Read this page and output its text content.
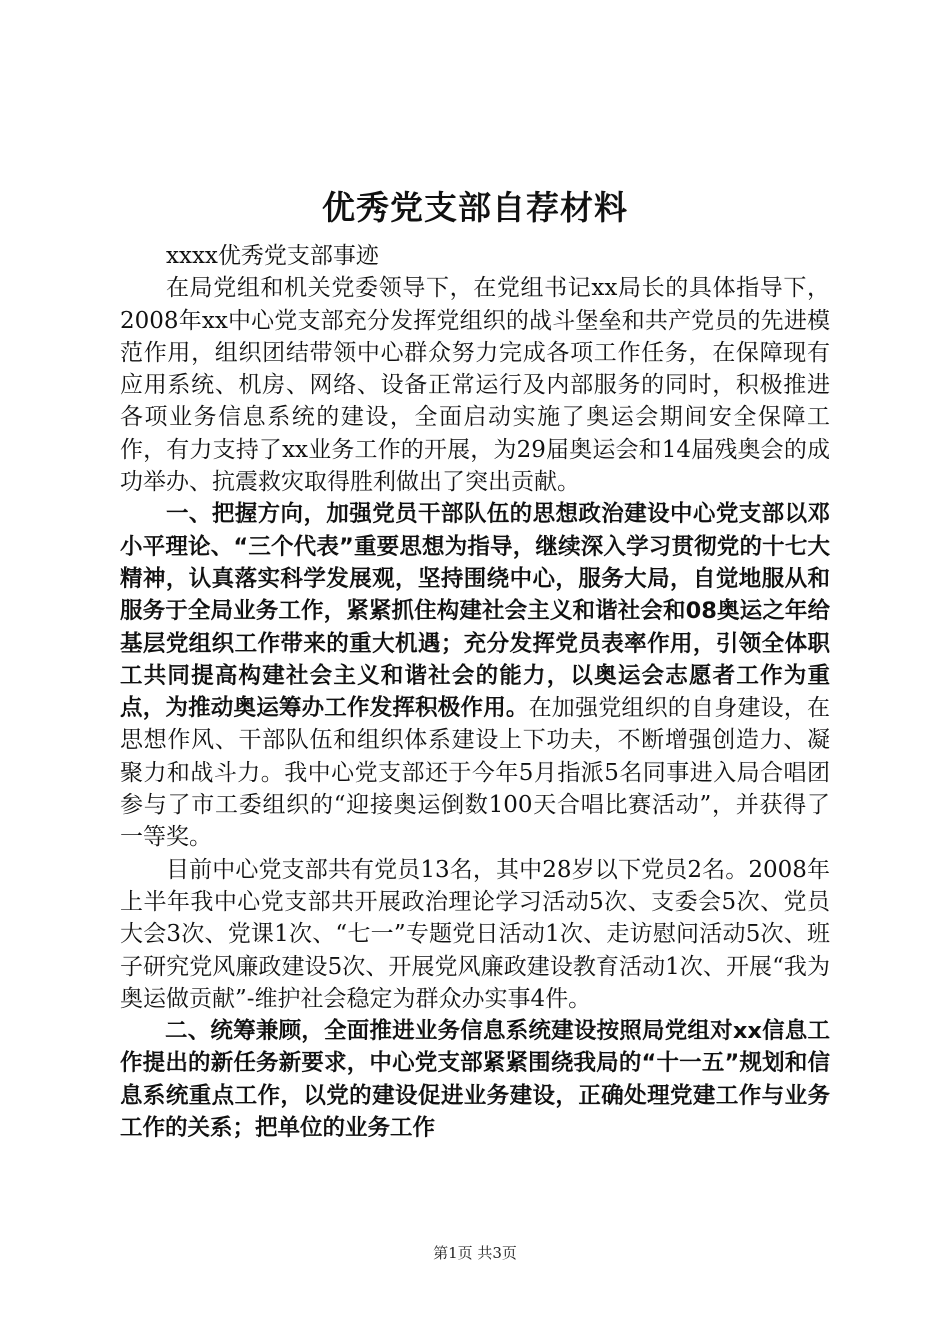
优秀党支部自荐材料

xxxx优秀党支部事迹

在局党组和机关党委领导下，在党组书记xx局长的具体指导下，2008年xx中心党支部充分发挥党组织的战斗堡垒和共产党员的先进模范作用，组织团结带领中心群众努力完成各项工作任务，在保障现有应用系统、机房、网络、设备正常运行及内部服务的同时，积极推进各项业务信息系统的建设，全面启动实施了奥运会期间安全保障工作，有力支持了xx业务工作的开展，为29届奥运会和14届残奥会的成功举办、抗震救灾取得胜利做出了突出贡献。

一、把握方向，加强党员干部队伍的思想政治建设中心党支部以邓小平理论、“三个代表”重要思想为指导，继续深入学习贯彻党的十七大精神，认真落实科学发展观，坚持围绕中心，服务大局，自觉地服从和服务于全局业务工作，紧紧抓住构建社会主义和谐社会和08奥运之年给基层党组织工作带来的重大机遇；充分发挥党员表率作用，引领全体职工共同提高构建社会主义和谐社会的能力，以奥运会志愿者工作为重点，为推动奥运筹办工作发挥积极作用。在加强党组织的自身建设，在思想作风、干部队伍和组织体系建设上下功夫，不断增强创造力、凝聚力和战斗力。我中心党支部还于今年5月指派5名同事进入局合唱团参与了市工委组织的“迎接奥运倒数100天合唱比赛活动”，并获得了一等奖。

目前中心党支部共有党员13名，其中28岁以下党员2名。2008年上半年我中心党支部共开展政治理论学习活动5次、支委会5次、党员大会3次、党课1次、“七一”专题党日活动1次、走访慰问活动5次、班子研究党风廉政建设5次、开展党风廉政建设教育活动1次、开展“我为奥运做贡献”-维护社会稳定为群众办实事4件。

二、统筹兼顾，全面推进业务信息系统建设按照局党组对xx信息工作提出的新任务新要求，中心党支部紧紧围绕我局的“十一五”规划和信息系统重点工作，以党的建设促进业务建设，正确处理党建工作与业务工作的关系；把单位的业务工作

第1页 共3页
